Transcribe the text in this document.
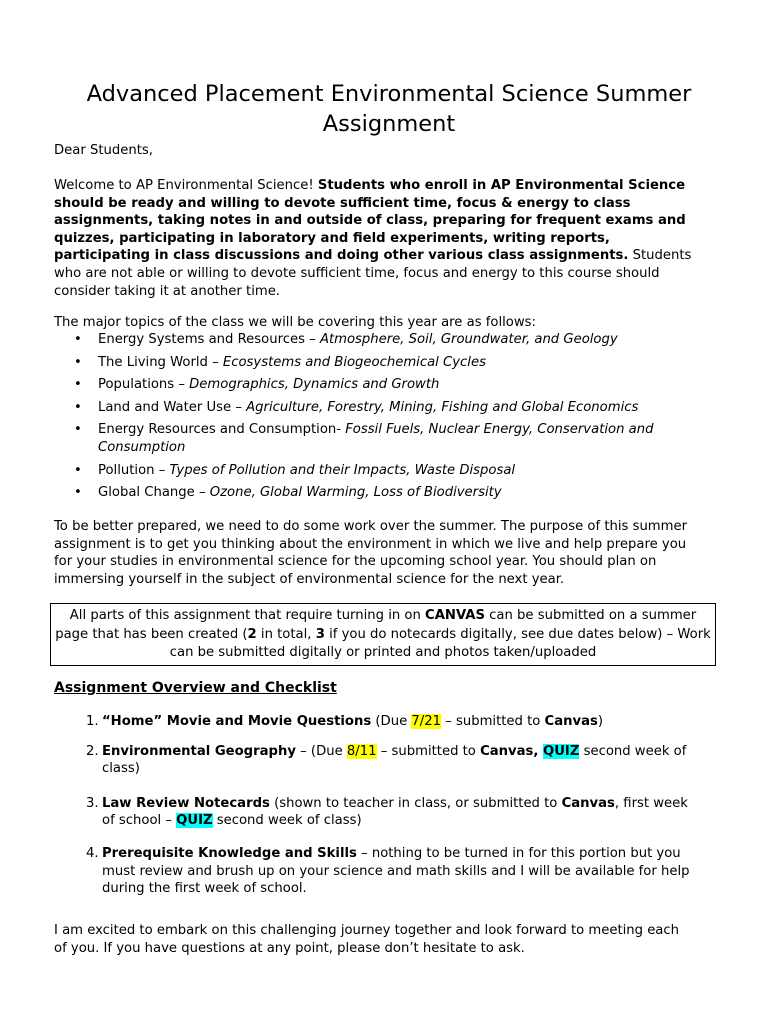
Advanced Placement Environmental Science Summer Assignment
Dear Students,
Welcome to AP Environmental Science! Students who enroll in AP Environmental Science should be ready and willing to devote sufficient time, focus & energy to class assignments, taking notes in and outside of class, preparing for frequent exams and quizzes, participating in laboratory and field experiments, writing reports, participating in class discussions and doing other various class assignments. Students who are not able or willing to devote sufficient time, focus and energy to this course should consider taking it at another time.
The major topics of the class we will be covering this year are as follows:
• Energy Systems and Resources – Atmosphere, Soil, Groundwater, and Geology
• The Living World – Ecosystems and Biogeochemical Cycles
• Populations – Demographics, Dynamics and Growth
• Land and Water Use – Agriculture, Forestry, Mining, Fishing and Global Economics
• Energy Resources and Consumption- Fossil Fuels, Nuclear Energy, Conservation and Consumption
• Pollution – Types of Pollution and their Impacts, Waste Disposal
• Global Change – Ozone, Global Warming, Loss of Biodiversity
To be better prepared, we need to do some work over the summer. The purpose of this summer assignment is to get you thinking about the environment in which we live and help prepare you for your studies in environmental science for the upcoming school year. You should plan on immersing yourself in the subject of environmental science for the next year.
All parts of this assignment that require turning in on CANVAS can be submitted on a summer page that has been created (2 in total, 3 if you do notecards digitally, see due dates below) – Work can be submitted digitally or printed and photos taken/uploaded
Assignment Overview and Checklist
1. “Home” Movie and Movie Questions (Due 7/21 – submitted to Canvas)
2. Environmental Geography – (Due 8/11 – submitted to Canvas, QUIZ second week of class)
3. Law Review Notecards (shown to teacher in class, or submitted to Canvas, first week of school – QUIZ second week of class)
4. Prerequisite Knowledge and Skills – nothing to be turned in for this portion but you must review and brush up on your science and math skills and I will be available for help during the first week of school.
I am excited to embark on this challenging journey together and look forward to meeting each of you. If you have questions at any point, please don’t hesitate to ask.
